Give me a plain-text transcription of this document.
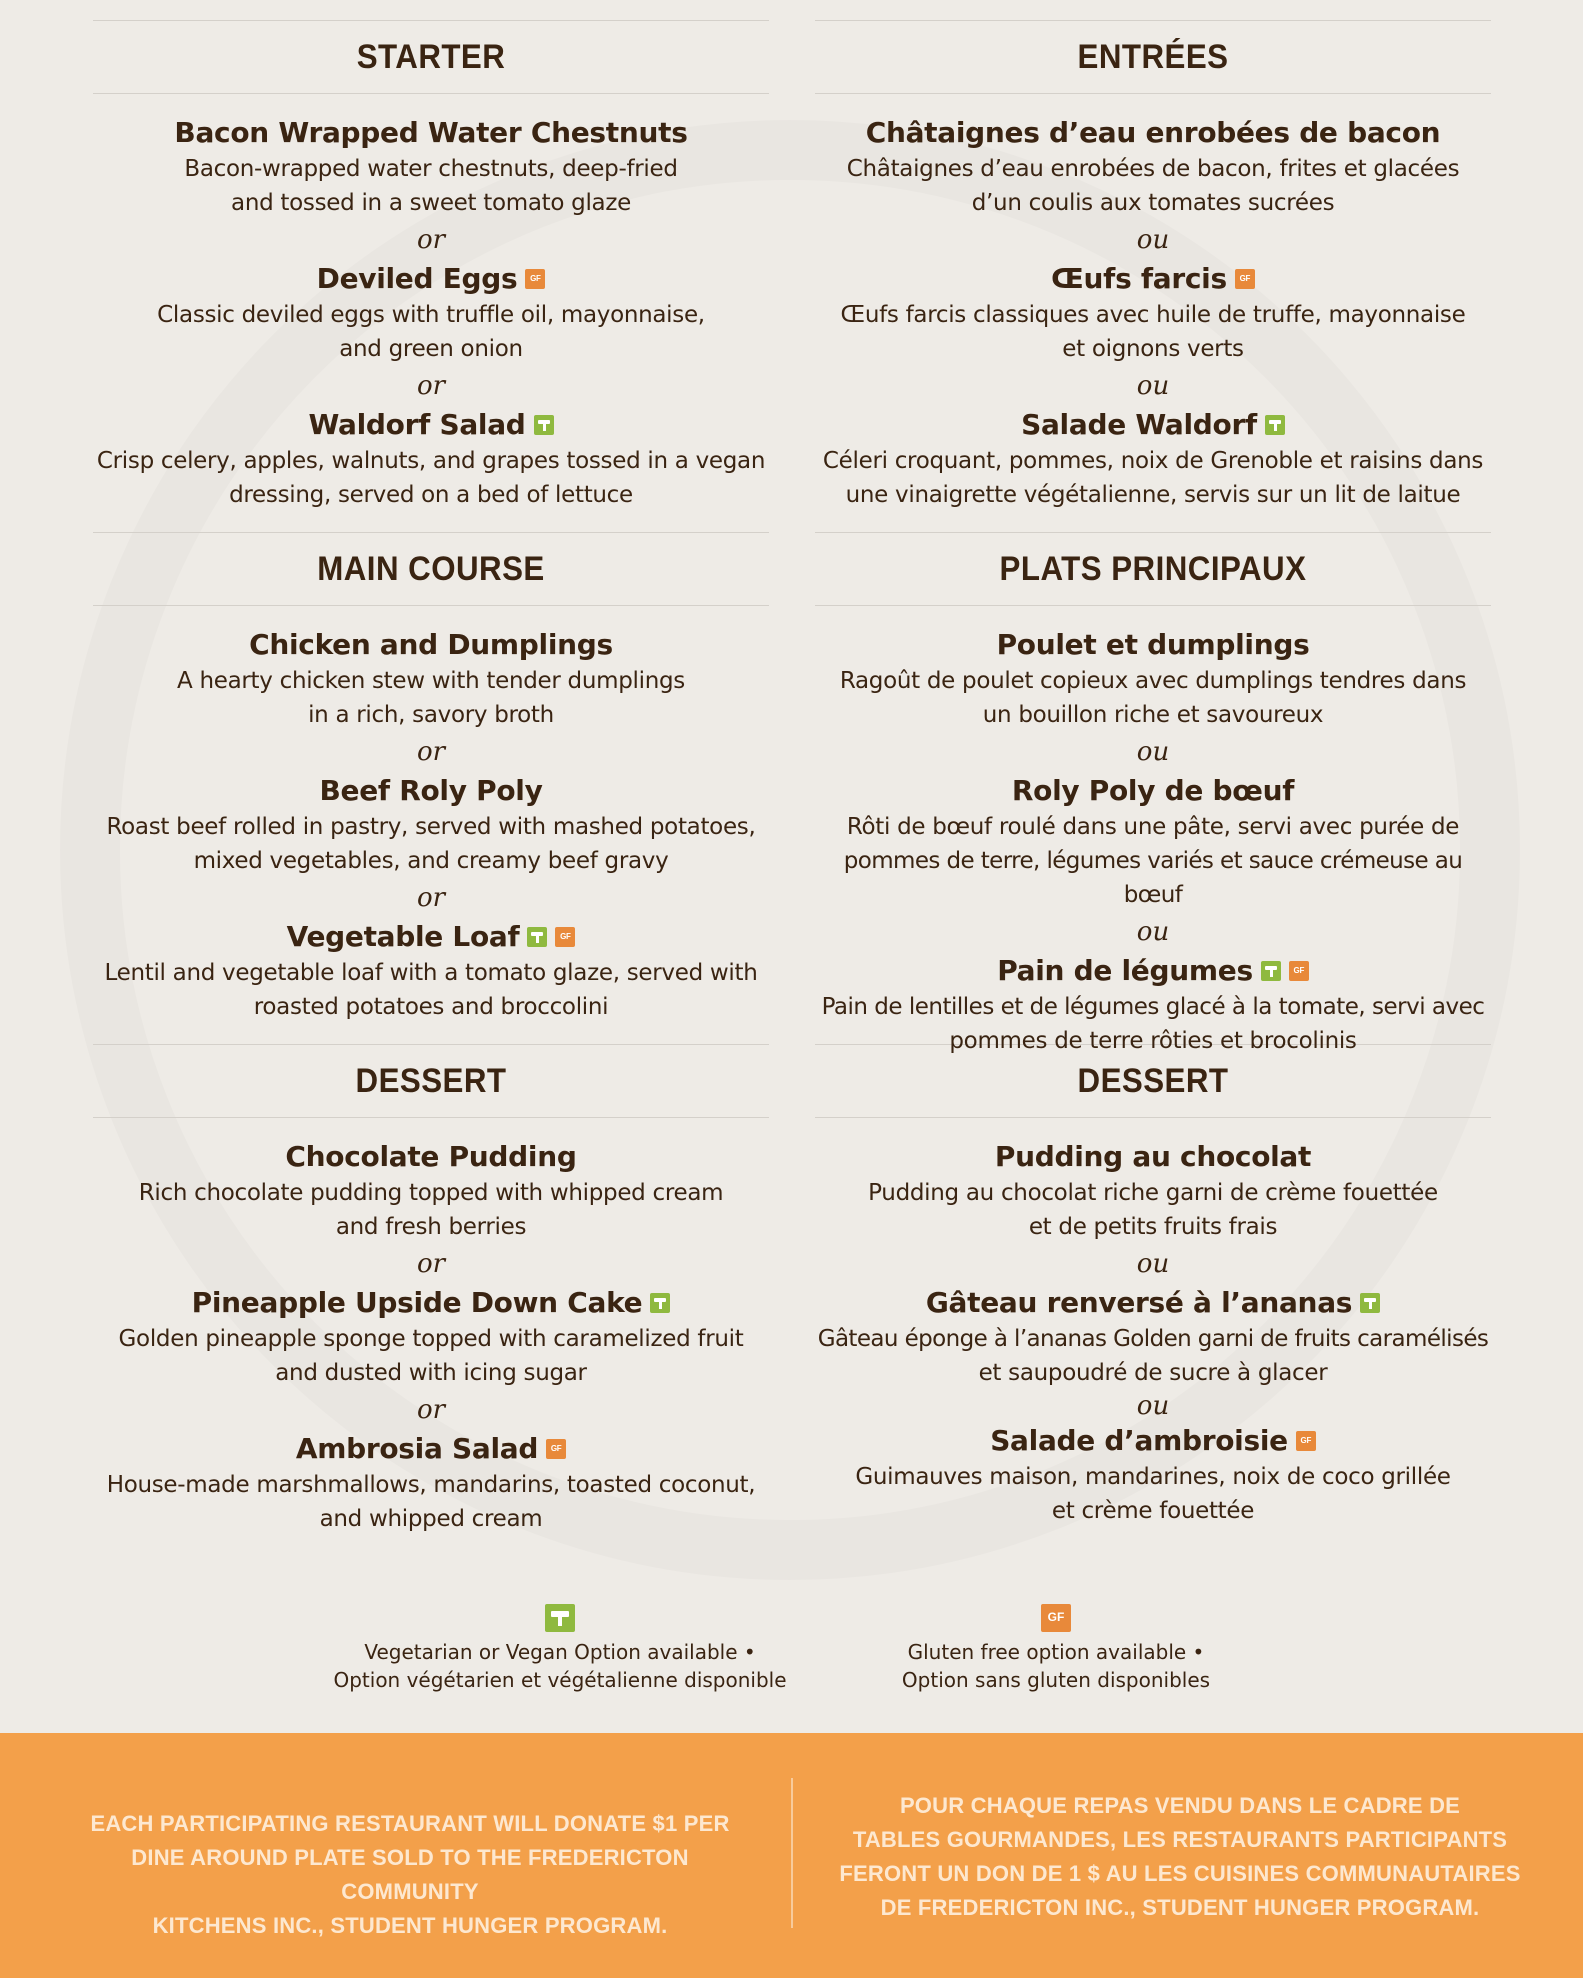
STARTER
Bacon Wrapped Water Chestnuts
Bacon-wrapped water chestnuts, deep-fried
and tossed in a sweet tomato glaze
or
Deviled Eggs
GF
Classic deviled eggs with truffle oil, mayonnaise,
and green onion
or
Waldorf Salad
Crisp celery, apples, walnuts, and grapes tossed in a vegan
dressing, served on a bed of lettuce
MAIN COURSE
Chicken and Dumplings
A hearty chicken stew with tender dumplings
in a rich, savory broth
or
Beef Roly Poly
Roast beef rolled in pastry, served with mashed potatoes,
mixed vegetables, and creamy beef gravy
or
Vegetable Loaf
GF
Lentil and vegetable loaf with a tomato glaze, served with
roasted potatoes and broccolini
DESSERT
Chocolate Pudding
Rich chocolate pudding topped with whipped cream
and fresh berries
or
Pineapple Upside Down Cake
Golden pineapple sponge topped with caramelized fruit
and dusted with icing sugar
or
Ambrosia Salad
GF
House-made marshmallows, mandarins, toasted coconut,
and whipped cream
ENTRÉES
Châtaignes d’eau enrobées de bacon
Châtaignes d’eau enrobées de bacon, frites et glacées
d’un coulis aux tomates sucrées
ou
Œufs farcis
GF
Œufs farcis classiques avec huile de truffe, mayonnaise
et oignons verts
ou
Salade Waldorf
Céleri croquant, pommes, noix de Grenoble et raisins dans
une vinaigrette végétalienne, servis sur un lit de laitue
PLATS PRINCIPAUX
Poulet et dumplings
Ragoût de poulet copieux avec dumplings tendres dans
un bouillon riche et savoureux
ou
Roly Poly de bœuf
Rôti de bœuf roulé dans une pâte, servi avec purée de
pommes de terre, légumes variés et sauce crémeuse au bœuf
ou
Pain de légumes
GF
Pain de lentilles et de légumes glacé à la tomate, servi avec
pommes de terre rôties et brocolinis
DESSERT
Pudding au chocolat
Pudding au chocolat riche garni de crème fouettée
et de petits fruits frais
ou
Gâteau renversé à l’ananas
Gâteau éponge à l’ananas Golden garni de fruits caramélisés
et saupoudré de sucre à glacer
ou
Salade d’ambroisie
GF
Guimauves maison, mandarines, noix de coco grillée
et crème fouettée
Vegetarian or Vegan Option available •
Option végétarien et végétalienne disponible
GF
Gluten free option available •
Option sans gluten disponibles
EACH PARTICIPATING RESTAURANT WILL DONATE $1 PER
DINE AROUND PLATE SOLD TO THE FREDERICTON COMMUNITY
KITCHENS INC., STUDENT HUNGER PROGRAM.
POUR CHAQUE REPAS VENDU DANS LE CADRE DE
TABLES GOURMANDES, LES RESTAURANTS PARTICIPANTS
FERONT UN DON DE 1 $ AU LES CUISINES COMMUNAUTAIRES
DE FREDERICTON INC., STUDENT HUNGER PROGRAM.
